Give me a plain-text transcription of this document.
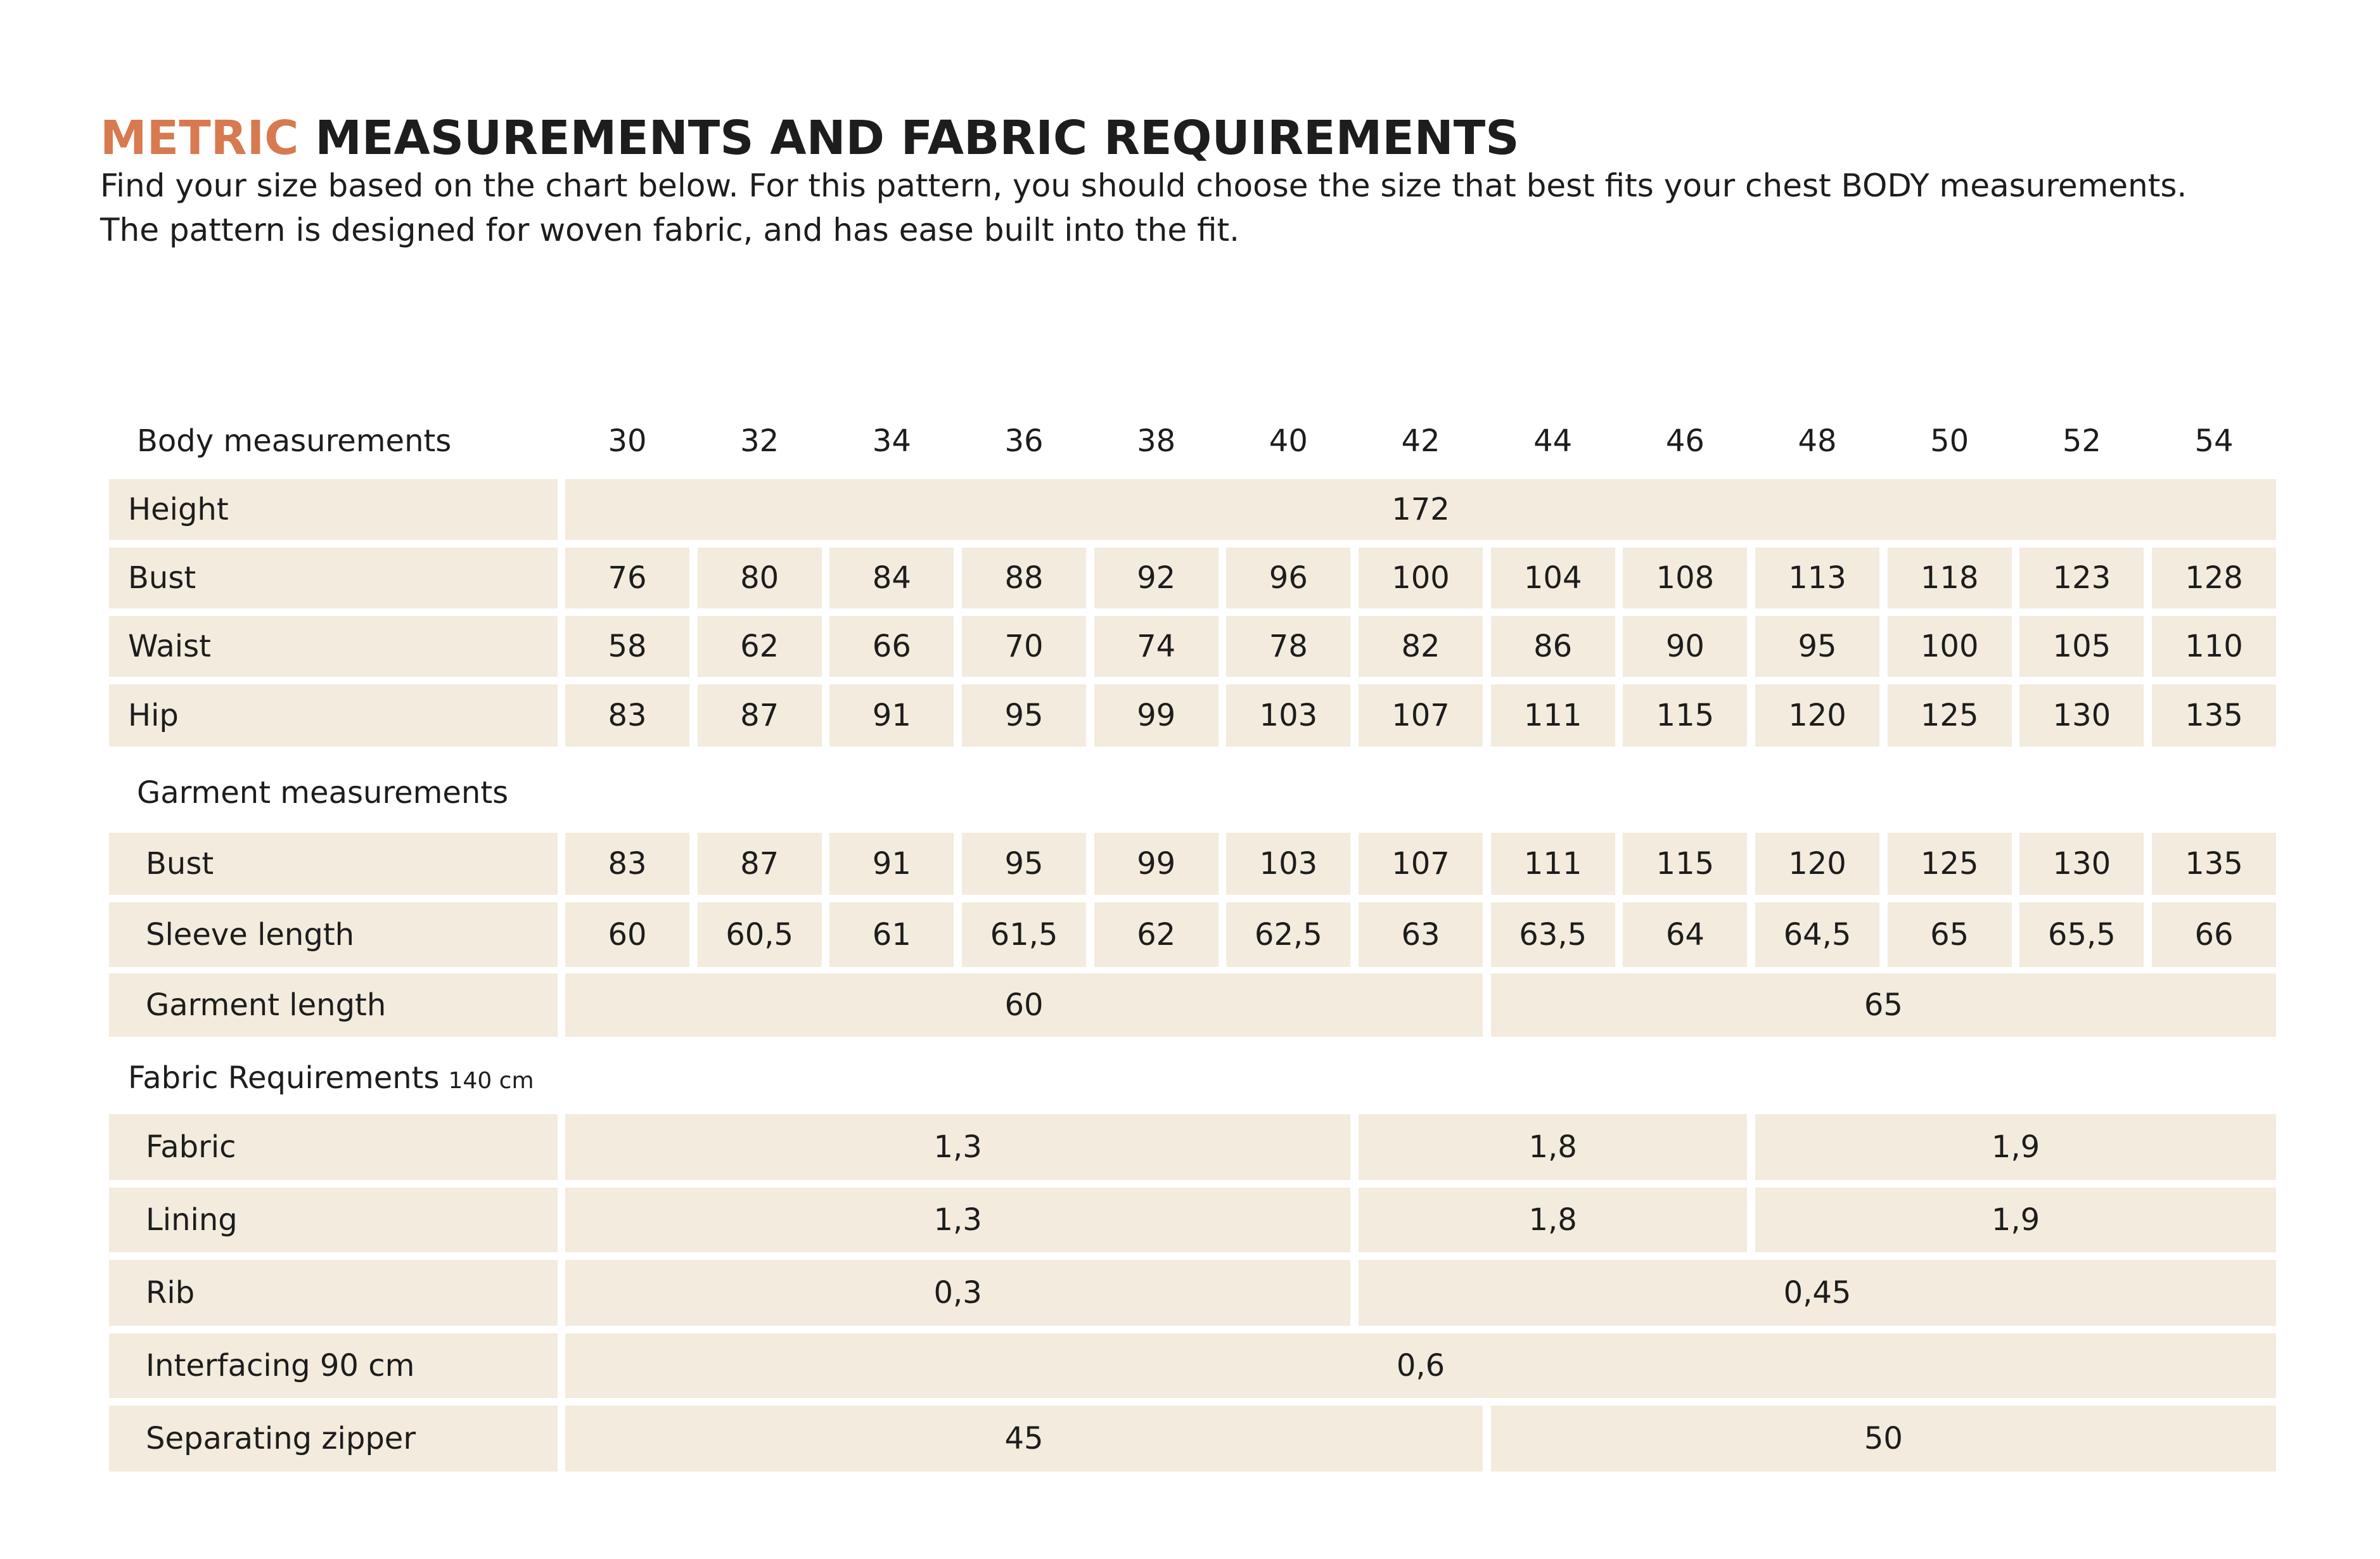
METRIC MEASUREMENTS AND FABRIC REQUIREMENTS

Find your size based on the chart below. For this pattern, you should choose the size that best fits your chest BODY measurements.

The pattern is designed for woven fabric, and has ease built into the fit.

Body measurements	30	32	34	36	38	40	42	44	46	48	50	52	54
Garment measurements
Fabric Requirements 140 cm
Height	172
Bust	76	80	84	88	92	96	100	104	108	113	118	123	128
Waist	58	62	66	70	74	78	82	86	90	95	100	105	110
Hip	83	87	91	95	99	103	107	111	115	120	125	130	135
Bust	83	87	91	95	99	103	107	111	115	120	125	130	135
Sleeve length	60	60,5	61	61,5	62	62,5	63	63,5	64	64,5	65	65,5	66
Garment length	60	65
Fabric	1,3	1,8	1,9
Lining	1,3	1,8	1,9
Rib	0,3	0,45
Interfacing 90 cm	0,6
Separating zipper	45	50
